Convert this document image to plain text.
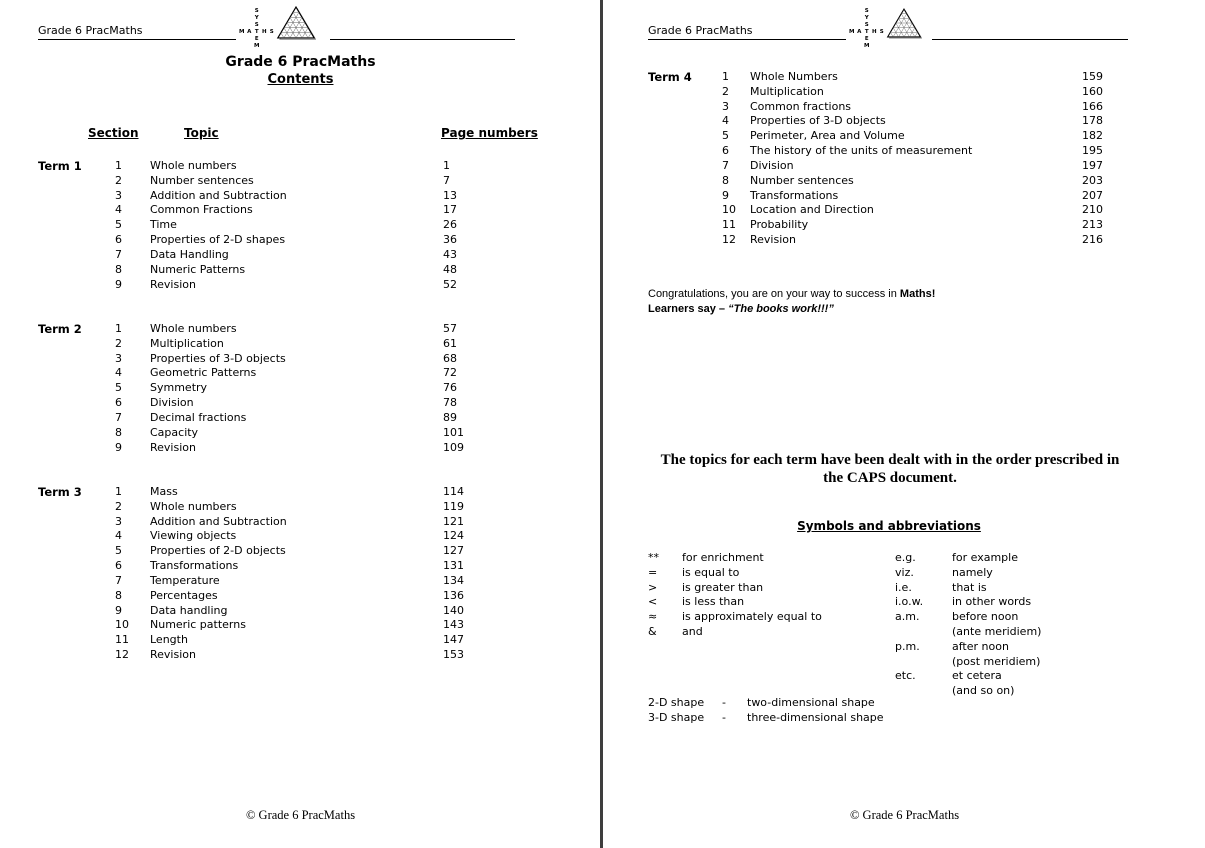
Grade 6 PracMaths
S
Y
S
T
E
M
M A H S
Grade 6 PracMaths
Contents
Section	Topic	Page numbers
Term 1	1	Whole numbers	1
2	Number sentences	7
3	Addition and Subtraction	13
4	Common Fractions	17
5	Time	26
6	Properties of 2-D shapes	36
7	Data Handling	43
8	Numeric Patterns	48
9	Revision	52
Term 2	1	Whole numbers	57
2	Multiplication	61
3	Properties of 3-D objects	68
4	Geometric Patterns	72
5	Symmetry	76
6	Division	78
7	Decimal fractions	89
8	Capacity	101
9	Revision	109
Term 3	1	Mass	114
2	Whole numbers	119
3	Addition and Subtraction	121
4	Viewing objects	124
5	Properties of 2-D objects	127
6	Transformations	131
7	Temperature	134
8	Percentages	136
9	Data handling	140
10 Numeric patterns	143
11 Length	147
12 Revision	153
© Grade 6 PracMaths
Grade 6 PracMaths
S
Y
S
T
E
M
M A H S
Term 4	1 Whole Numbers	159
2 Multiplication	160
3 Common fractions	166
4 Properties of 3-D objects	178
5 Perimeter, Area and Volume	182
6 The history of the units of measurement	195
7 Division	197
8 Number sentences	203
9 Transformations	207
10 Location and Direction	210
11 Probability	213
12 Revision	216
Congratulations, you are on your way to success in Maths!
Learners say – “The books work!!!”
The topics for each term have been dealt with in the order prescribed in
the CAPS document.
Symbols and abbreviations
** for enrichment
= is equal to
> is greater than
< is less than
≈ is approximately equal to
& and
e.g.	for example
viz.	namely
i.e.	that is
i.o.w.	in other words
a.m.	before noon
(ante meridiem)
p.m.	after noon
(post meridiem)
etc.	et cetera
(and so on)
2-D shape - two-dimensional shape
3-D shape - three-dimensional shape
© Grade 6 PracMaths
